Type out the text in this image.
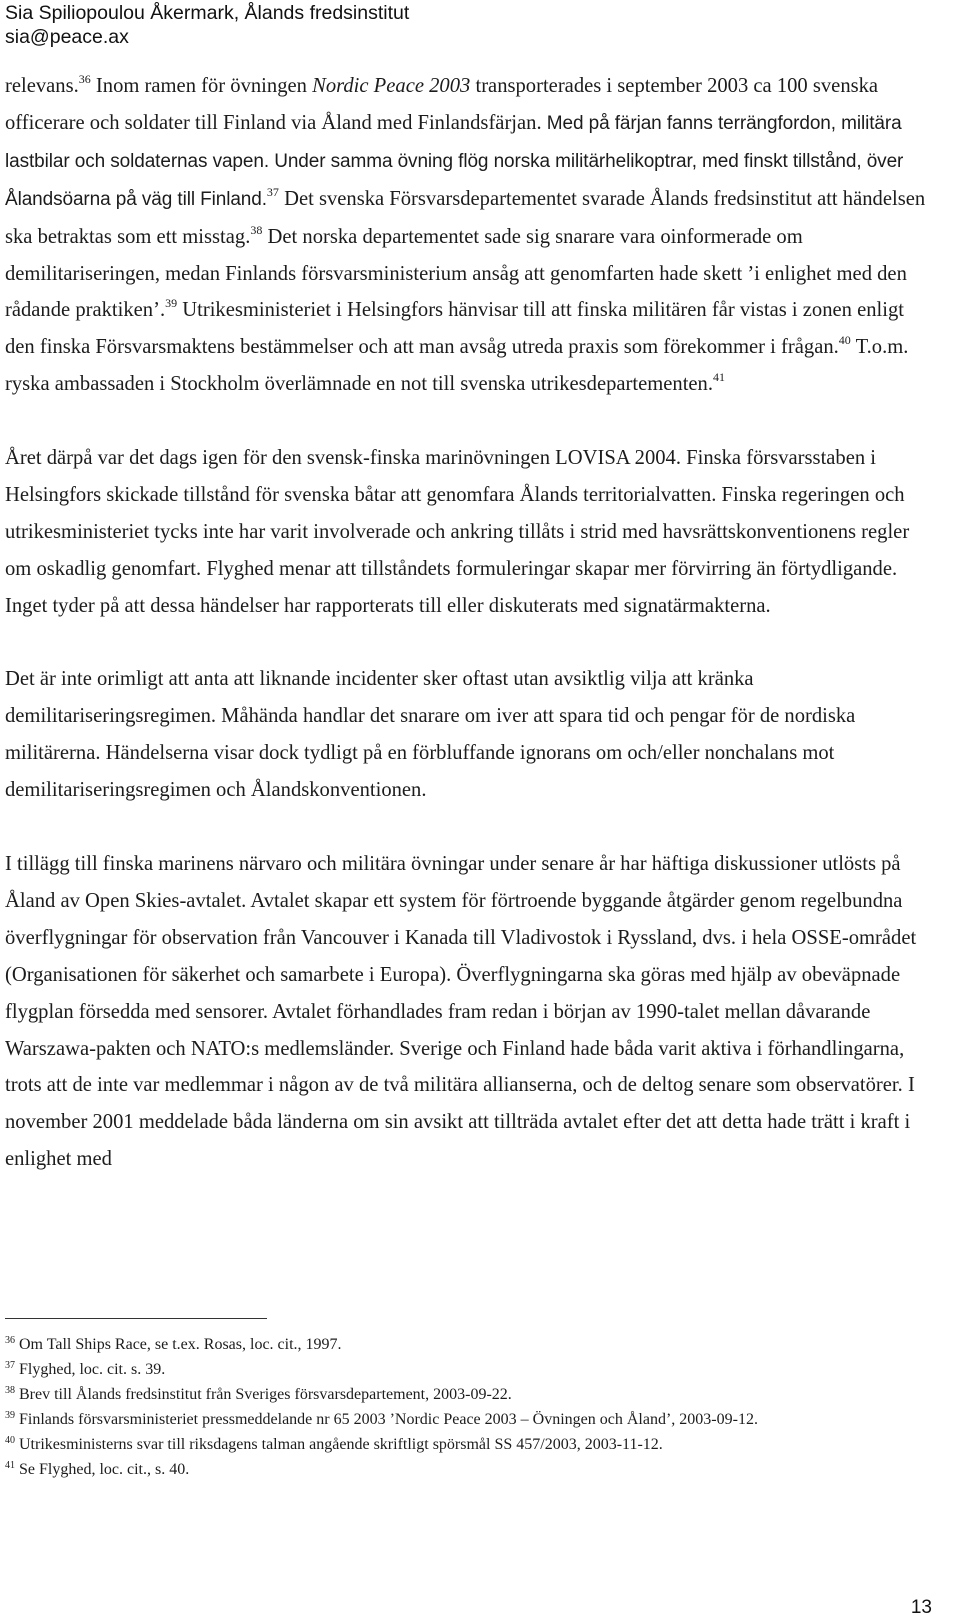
Sia Spiliopoulou Åkermark, Ålands fredsinstitut
sia@peace.ax

relevans.$^{36}$ Inom ramen för övningen Nordic Peace 2003 transporterades i september 2003 ca 100 svenska officerare och soldater till Finland via Åland med Finlandsfärjan. Med på färjan fanns terrängfordon, militära lastbilar och soldaternas vapen. Under samma övning flög norska militärhelikoptrar, med finskt tillstånd, över Ålandsöarna på väg till Finland.$^{37}$ Det svenska Försvarsdepartementet svarade Ålands fredsinstitut att händelsen ska betraktas som ett misstag.$^{38}$ Det norska departementet sade sig snarare vara oinformerade om demilitariseringen, medan Finlands försvarsministerium ansåg att genomfarten hade skett ’i enlighet med den rådande praktiken’.$^{39}$ Utrikesministeriet i Helsingfors hänvisar till att finska militären får vistas i zonen enligt den finska Försvarsmaktens bestämmelser och att man avsåg utreda praxis som förekommer i frågan.$^{40}$ T.o.m. ryska ambassaden i Stockholm överlämnade en not till svenska utrikesdepartementen.$^{41}$

Året därpå var det dags igen för den svensk-finska marinövningen LOVISA 2004. Finska försvarsstaben i Helsingfors skickade tillstånd för svenska båtar att genomfara Ålands territorialvatten. Finska regeringen och utrikesministeriet tycks inte har varit involverade och ankring tillåts i strid med havsrättskonventionens regler om oskadlig genomfart. Flyghed menar att tillståndets formuleringar skapar mer förvirring än förtydligande. Inget tyder på att dessa händelser har rapporterats till eller diskuterats med signatärmakterna.

Det är inte orimligt att anta att liknande incidenter sker oftast utan avsiktlig vilja att kränka demilitariseringsregimen. Måhända handlar det snarare om iver att spara tid och pengar för de nordiska militärerna. Händelserna visar dock tydligt på en förbluffande ignorans om och/eller nonchalans mot demilitariseringsregimen och Ålandskonventionen.

I tillägg till finska marinens närvaro och militära övningar under senare år har häftiga diskussioner utlösts på Åland av Open Skies-avtalet. Avtalet skapar ett system för förtroende byggande åtgärder genom regelbundna överflygningar för observation från Vancouver i Kanada till Vladivostok i Ryssland, dvs. i hela OSSE-området (Organisationen för säkerhet och samarbete i Europa). Överflygningarna ska göras med hjälp av obeväpnade flygplan försedda med sensorer. Avtalet förhandlades fram redan i början av 1990-talet mellan dåvarande Warszawa-pakten och NATO:s medlemsländer. Sverige och Finland hade båda varit aktiva i förhandlingarna, trots att de inte var medlemmar i någon av de två militära allianserna, och de deltog senare som observatörer. I november 2001 meddelade båda länderna om sin avsikt att tillträda avtalet efter det att detta hade trätt i kraft i enlighet med

$^{36}$ Om Tall Ships Race, se t.ex. Rosas, loc. cit., 1997.
$^{37}$ Flyghed, loc. cit. s. 39.
$^{38}$ Brev till Ålands fredsinstitut från Sveriges försvarsdepartement, 2003-09-22.
$^{39}$ Finlands försvarsministeriet pressmeddelande nr 65 2003 ’Nordic Peace 2003 – Övningen och Åland’, 2003-09-12.
$^{40}$ Utrikesministerns svar till riksdagens talman angående skriftligt spörsmål SS 457/2003, 2003-11-12.
$^{41}$ Se Flyghed, loc. cit., s. 40.
13
